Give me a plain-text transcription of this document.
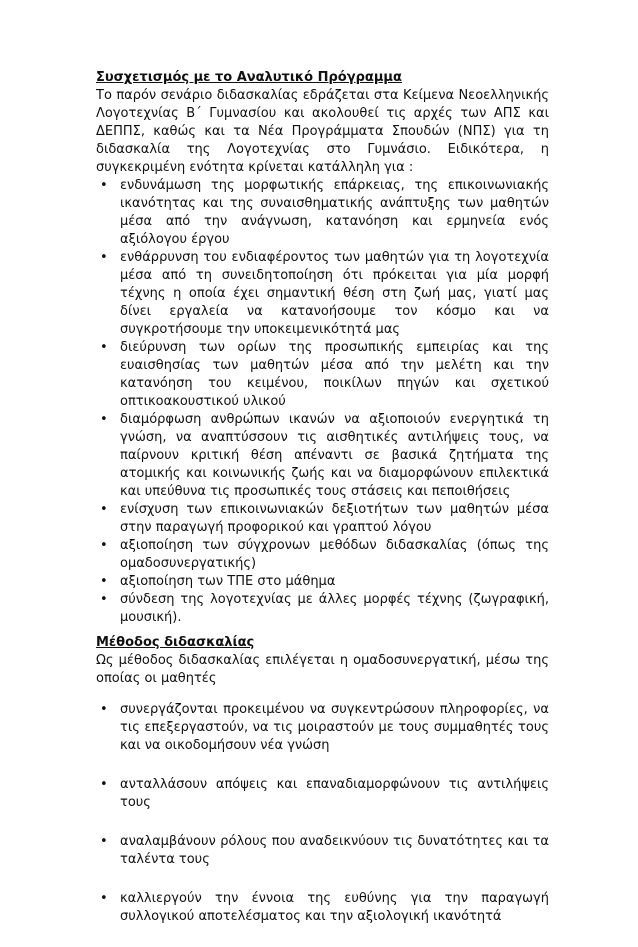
Συσχετισμός με το Αναλυτικό Πρόγραμμα

Το παρόν σενάριο διδασκαλίας εδράζεται στα Κείμενα Νεοελληνικής Λογοτεχνίας Β΄ Γυμνασίου και ακολουθεί τις αρχές των ΑΠΣ και ΔΕΠΠΣ, καθώς και τα Νέα Προγράμματα Σπουδών (ΝΠΣ) για τη διδασκαλία της Λογοτεχνίας στο Γυμνάσιο. Ειδικότερα, η συγκεκριμένη ενότητα κρίνεται κατάλληλη για :

• ενδυνάμωση της μορφωτικής επάρκειας, της επικοινωνιακής ικανότητας και της συναισθηματικής ανάπτυξης των μαθητών μέσα από την ανάγνωση, κατανόηση και ερμηνεία ενός αξιόλογου έργου
• ενθάρρυνση του ενδιαφέροντος των μαθητών για τη λογοτεχνία μέσα από τη συνειδητοποίηση ότι πρόκειται για μία μορφή τέχνης η οποία έχει σημαντική θέση στη ζωή μας, γιατί μας δίνει εργαλεία να κατανοήσουμε τον κόσμο και να συγκροτήσουμε την υποκειμενικότητά μας
• διεύρυνση των ορίων της προσωπικής εμπειρίας και της ευαισθησίας των μαθητών μέσα από την μελέτη και την κατανόηση του κειμένου, ποικίλων πηγών και σχετικού οπτικοακουστικού υλικού
• διαμόρφωση ανθρώπων ικανών να αξιοποιούν ενεργητικά τη γνώση, να αναπτύσσουν τις αισθητικές αντιλήψεις τους, να παίρνουν κριτική θέση απέναντι σε βασικά ζητήματα της ατομικής και κοινωνικής ζωής και να διαμορφώνουν επιλεκτικά και υπεύθυνα τις προσωπικές τους στάσεις και πεποιθήσεις
• ενίσχυση των επικοινωνιακών δεξιοτήτων των μαθητών μέσα στην παραγωγή προφορικού και γραπτού λόγου
• αξιοποίηση των σύγχρονων μεθόδων διδασκαλίας (όπως της ομαδοσυνεργατικής)
• αξιοποίηση των ΤΠΕ στο μάθημα
• σύνδεση της λογοτεχνίας με άλλες μορφές τέχνης (ζωγραφική, μουσική).

Μέθοδος διδασκαλίας

Ως μέθοδος διδασκαλίας επιλέγεται η ομαδοσυνεργατική, μέσω της οποίας οι μαθητές

• συνεργάζονται προκειμένου να συγκεντρώσουν πληροφορίες, να τις επεξεργαστούν, να τις μοιραστούν με τους συμμαθητές τους και να οικοδομήσουν νέα γνώση
• ανταλλάσουν απόψεις και επαναδιαμορφώνουν τις αντιλήψεις τους
• αναλαμβάνουν ρόλους που αναδεικνύουν τις δυνατότητες και τα ταλέντα τους
• καλλιεργούν την έννοια της ευθύνης για την παραγωγή συλλογικού αποτελέσματος και την αξιολογική ικανότητά
